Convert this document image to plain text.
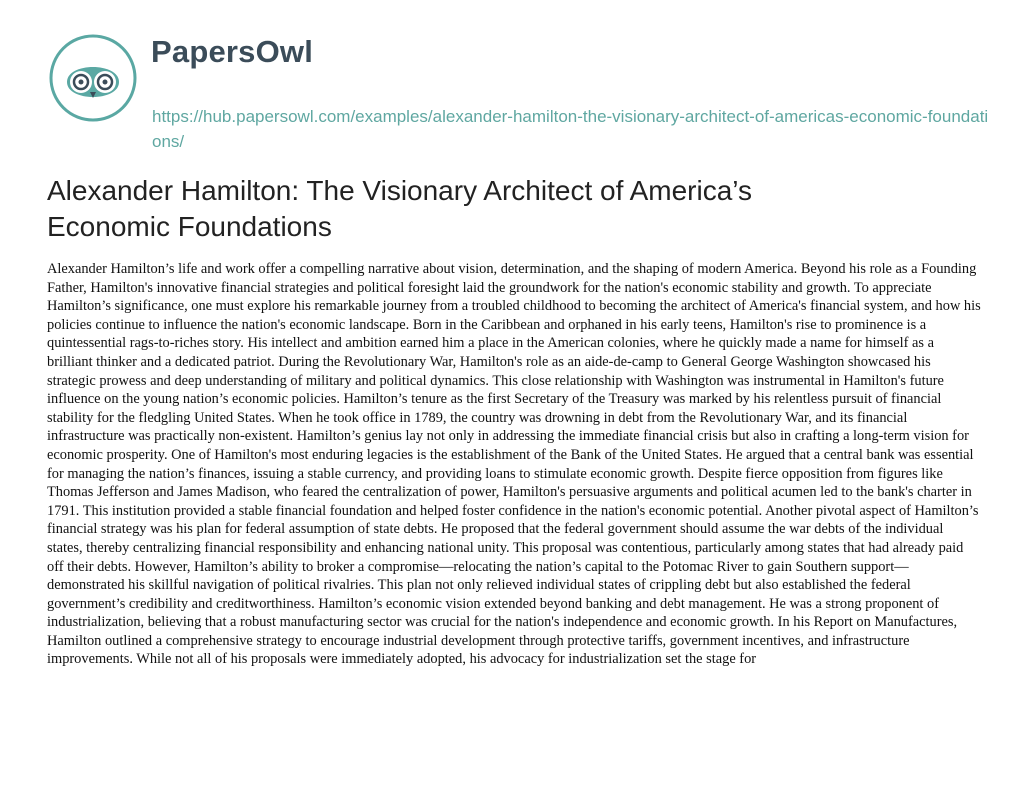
PapersOwl
https://hub.papersowl.com/examples/alexander-hamilton-the-visionary-architect-of-americas-economic-foundations/
Alexander Hamilton: The Visionary Architect of America’s Economic Foundations

Alexander Hamilton’s life and work offer a compelling narrative about vision, determination, and the shaping of modern America. Beyond his role as a Founding Father, Hamilton's innovative financial strategies and political foresight laid the groundwork for the nation's economic stability and growth. To appreciate Hamilton’s significance, one must explore his remarkable journey from a troubled childhood to becoming the architect of America's financial system, and how his policies continue to influence the nation's economic landscape. Born in the Caribbean and orphaned in his early teens, Hamilton's rise to prominence is a quintessential rags-to-riches story. His intellect and ambition earned him a place in the American colonies, where he quickly made a name for himself as a brilliant thinker and a dedicated patriot. During the Revolutionary War, Hamilton's role as an aide-de-camp to General George Washington showcased his strategic prowess and deep understanding of military and political dynamics. This close relationship with Washington was instrumental in Hamilton's future influence on the young nation’s economic policies. Hamilton’s tenure as the first Secretary of the Treasury was marked by his relentless pursuit of financial stability for the fledgling United States. When he took office in 1789, the country was drowning in debt from the Revolutionary War, and its financial infrastructure was practically non-existent. Hamilton’s genius lay not only in addressing the immediate financial crisis but also in crafting a long-term vision for economic prosperity. One of Hamilton's most enduring legacies is the establishment of the Bank of the United States. He argued that a central bank was essential for managing the nation’s finances, issuing a stable currency, and providing loans to stimulate economic growth. Despite fierce opposition from figures like Thomas Jefferson and James Madison, who feared the centralization of power, Hamilton's persuasive arguments and political acumen led to the bank's charter in 1791. This institution provided a stable financial foundation and helped foster confidence in the nation's economic potential. Another pivotal aspect of Hamilton’s financial strategy was his plan for federal assumption of state debts. He proposed that the federal government should assume the war debts of the individual states, thereby centralizing financial responsibility and enhancing national unity. This proposal was contentious, particularly among states that had already paid off their debts. However, Hamilton’s ability to broker a compromise—relocating the nation’s capital to the Potomac River to gain Southern support—demonstrated his skillful navigation of political rivalries. This plan not only relieved individual states of crippling debt but also established the federal government’s credibility and creditworthiness. Hamilton’s economic vision extended beyond banking and debt management. He was a strong proponent of industrialization, believing that a robust manufacturing sector was crucial for the nation's independence and economic growth. In his Report on Manufactures, Hamilton outlined a comprehensive strategy to encourage industrial development through protective tariffs, government incentives, and infrastructure improvements. While not all of his proposals were immediately adopted, his advocacy for industrialization set the stage for
